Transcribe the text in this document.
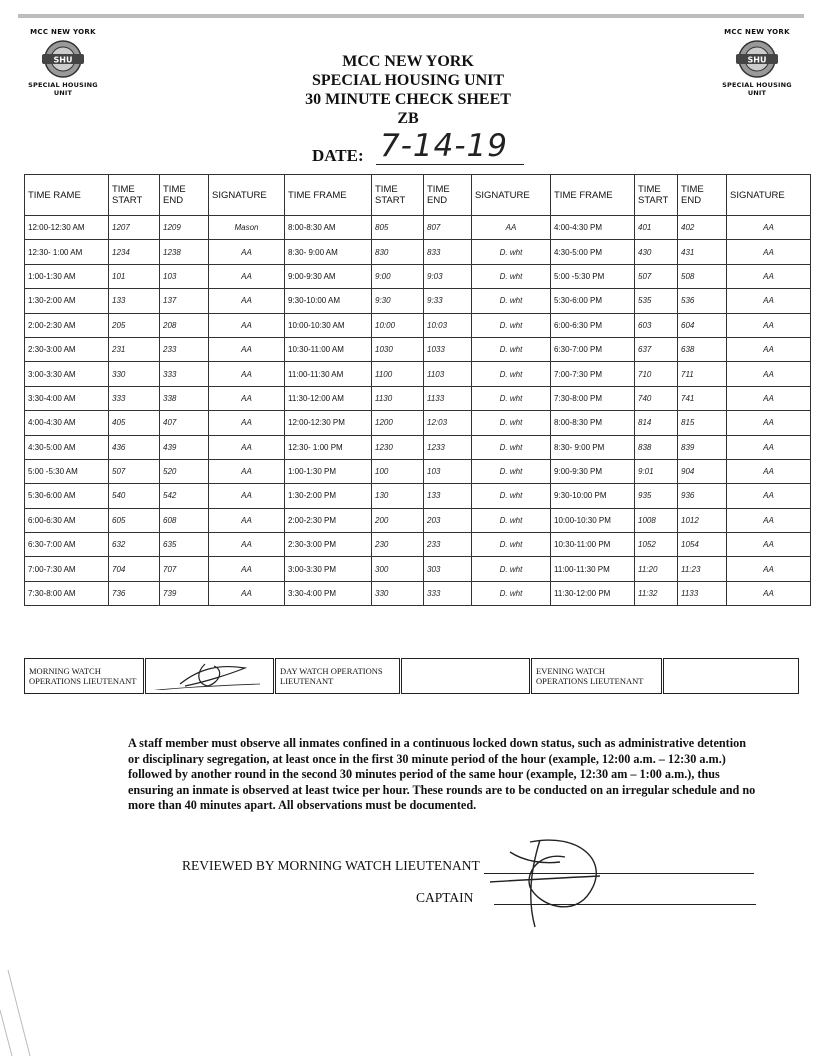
MCC NEW YORK
SHU
SPECIAL HOUSING UNIT
MCC NEW YORK
SHU
SPECIAL HOUSING UNIT
MCC NEW YORK
SPECIAL HOUSING UNIT
30 MINUTE CHECK SHEET
ZB
DATE: 7-14-19
TIME RAME	TIME START	TIME END	SIGNATURE	TIME FRAME	TIME START	TIME END	SIGNATURE	TIME FRAME	TIME START	TIME END	SIGNATURE
12:00-12:30 AM	1207	1209	Mason	8:00-8:30 AM	805	807	AA	4:00-4:30 PM	401	402	AA
12:30- 1:00 AM	1234	1238	AA	8:30- 9:00 AM	830	833	D. wht	4:30-5:00 PM	430	431	AA
1:00-1:30 AM	101	103	AA	9:00-9:30 AM	9:00	9:03	D. wht	5:00 -5:30 PM	507	508	AA
1:30-2:00 AM	133	137	AA	9:30-10:00 AM	9:30	9:33	D. wht	5:30-6:00 PM	535	536	AA
2:00-2:30 AM	205	208	AA	10:00-10:30 AM	10:00	10:03	D. wht	6:00-6:30 PM	603	604	AA
2:30-3:00 AM	231	233	AA	10:30-11:00 AM	1030	1033	D. wht	6:30-7:00 PM	637	638	AA
3:00-3:30 AM	330	333	AA	11:00-11:30 AM	1100	1103	D. wht	7:00-7:30 PM	710	711	AA
3:30-4:00 AM	333	338	AA	11:30-12:00 AM	1130	1133	D. wht	7:30-8:00 PM	740	741	AA
4:00-4:30 AM	405	407	AA	12:00-12:30 PM	1200	12:03	D. wht	8:00-8:30 PM	814	815	AA
4:30-5:00 AM	436	439	AA	12:30- 1:00 PM	1230	1233	D. wht	8:30- 9:00 PM	838	839	AA
5:00 -5:30 AM	507	520	AA	1:00-1:30 PM	100	103	D. wht	9:00-9:30 PM	9:01	904	AA
5:30-6:00 AM	540	542	AA	1:30-2:00 PM	130	133	D. wht	9:30-10:00 PM	935	936	AA
6:00-6:30 AM	605	608	AA	2:00-2:30 PM	200	203	D. wht	10:00-10:30 PM	1008	1012	AA
6:30-7:00 AM	632	635	AA	2:30-3:00 PM	230	233	D. wht	10:30-11:00 PM	1052	1054	AA
7:00-7:30 AM	704	707	AA	3:00-3:30 PM	300	303	D. wht	11:00-11:30 PM	11:20	11:23	AA
7:30-8:00 AM	736	739	AA	3:30-4:00 PM	330	333	D. wht	11:30-12:00 PM	11:32	1133	AA
MORNING WATCH OPERATIONS LIEUTENANT		DAY WATCH OPERATIONS LIEUTENANT		EVENING WATCH OPERATIONS LIEUTENANT	
A staff member must observe all inmates confined in a continuous locked down status, such as administrative detention or disciplinary segregation, at least once in the first 30 minute period of the hour (example, 12:00 a.m. – 12:30 a.m.) followed by another round in the second 30 minutes period of the same hour (example, 12:30 am – 1:00 a.m.), thus ensuring an inmate is observed at least twice per hour. These rounds are to be conducted on an irregular schedule and no more than 40 minutes apart. All observations must be documented.
REVIEWED BY MORNING WATCH LIEUTENANT
CAPTAIN
